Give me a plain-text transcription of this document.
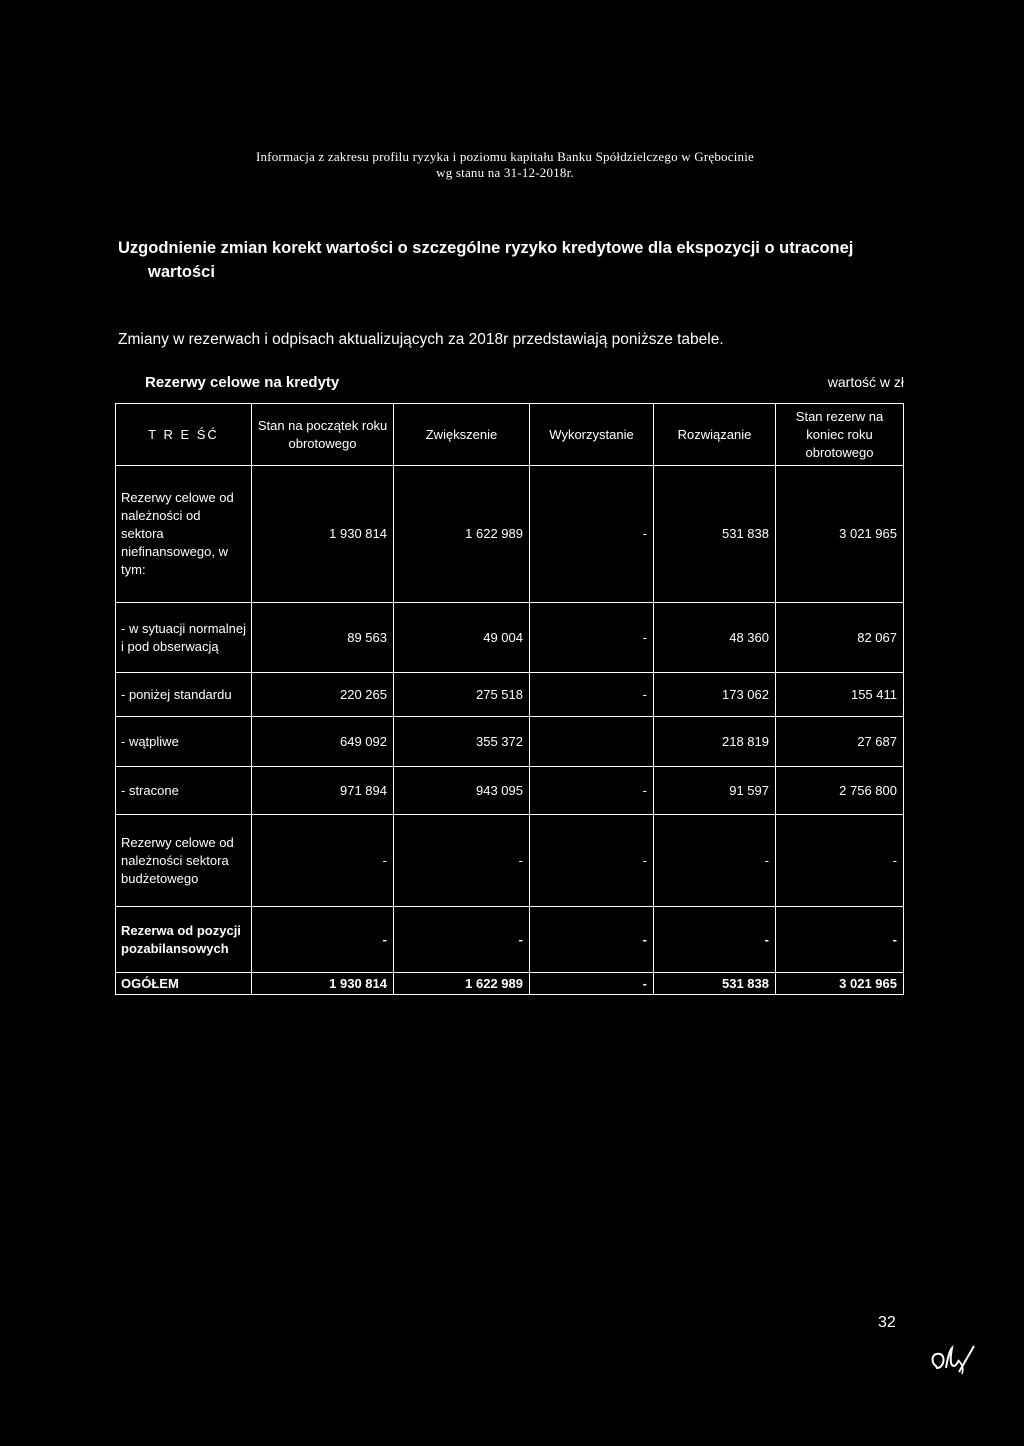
Informacja z zakresu profilu ryzyka i poziomu kapitału Banku Spółdzielczego w Grębocinie
wg stanu na 31-12-2018r.
Uzgodnienie zmian korekt wartości o szczególne ryzyko kredytowe dla ekspozycji o utraconej
wartości
Zmiany w rezerwach i odpisach aktualizujących za 2018r przedstawiają poniższe tabele.
Rezerwy celowe na kredyty	wartość w zł
T R E ŚĆ	Stan na początek roku obrotowego	Zwiększenie	Wykorzystanie	Rozwiązanie	Stan rezerw na koniec roku obrotowego
Rezerwy celowe od należności od sektora niefinansowego, w tym:	1 930 814	1 622 989	-	531 838	3 021 965
- w sytuacji normalnej i pod obserwacją	89 563	49 004	-	48 360	82 067
- poniżej standardu	220 265	275 518	-	173 062	155 411
- wątpliwe	649 092	355 372		218 819	27 687
- stracone	971 894	943 095	-	91 597	2 756 800
Rezerwy celowe od należności sektora budżetowego	-	-	-	-	-
Rezerwa od pozycji pozabilansowych	-	-	-	-	-
OGÓŁEM	1 930 814	1 622 989	-	531 838	3 021 965
32
